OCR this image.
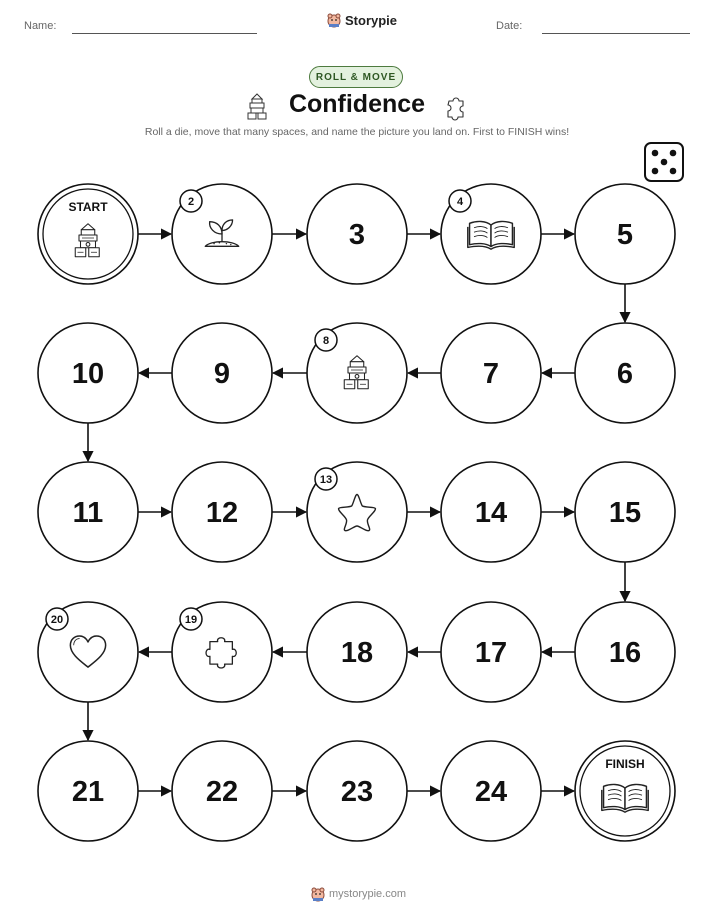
Name:	Storypie	Date:
ROLL & MOVE
Confidence
Roll a die, move that many spaces, and name the picture you land on. First to FINISH wins!
START	2
3
4
5
6
7
8
9
10
11	12
13
14	15
16
17
18
19
20
21	22	23	24
FINISH
mystorypie.com
